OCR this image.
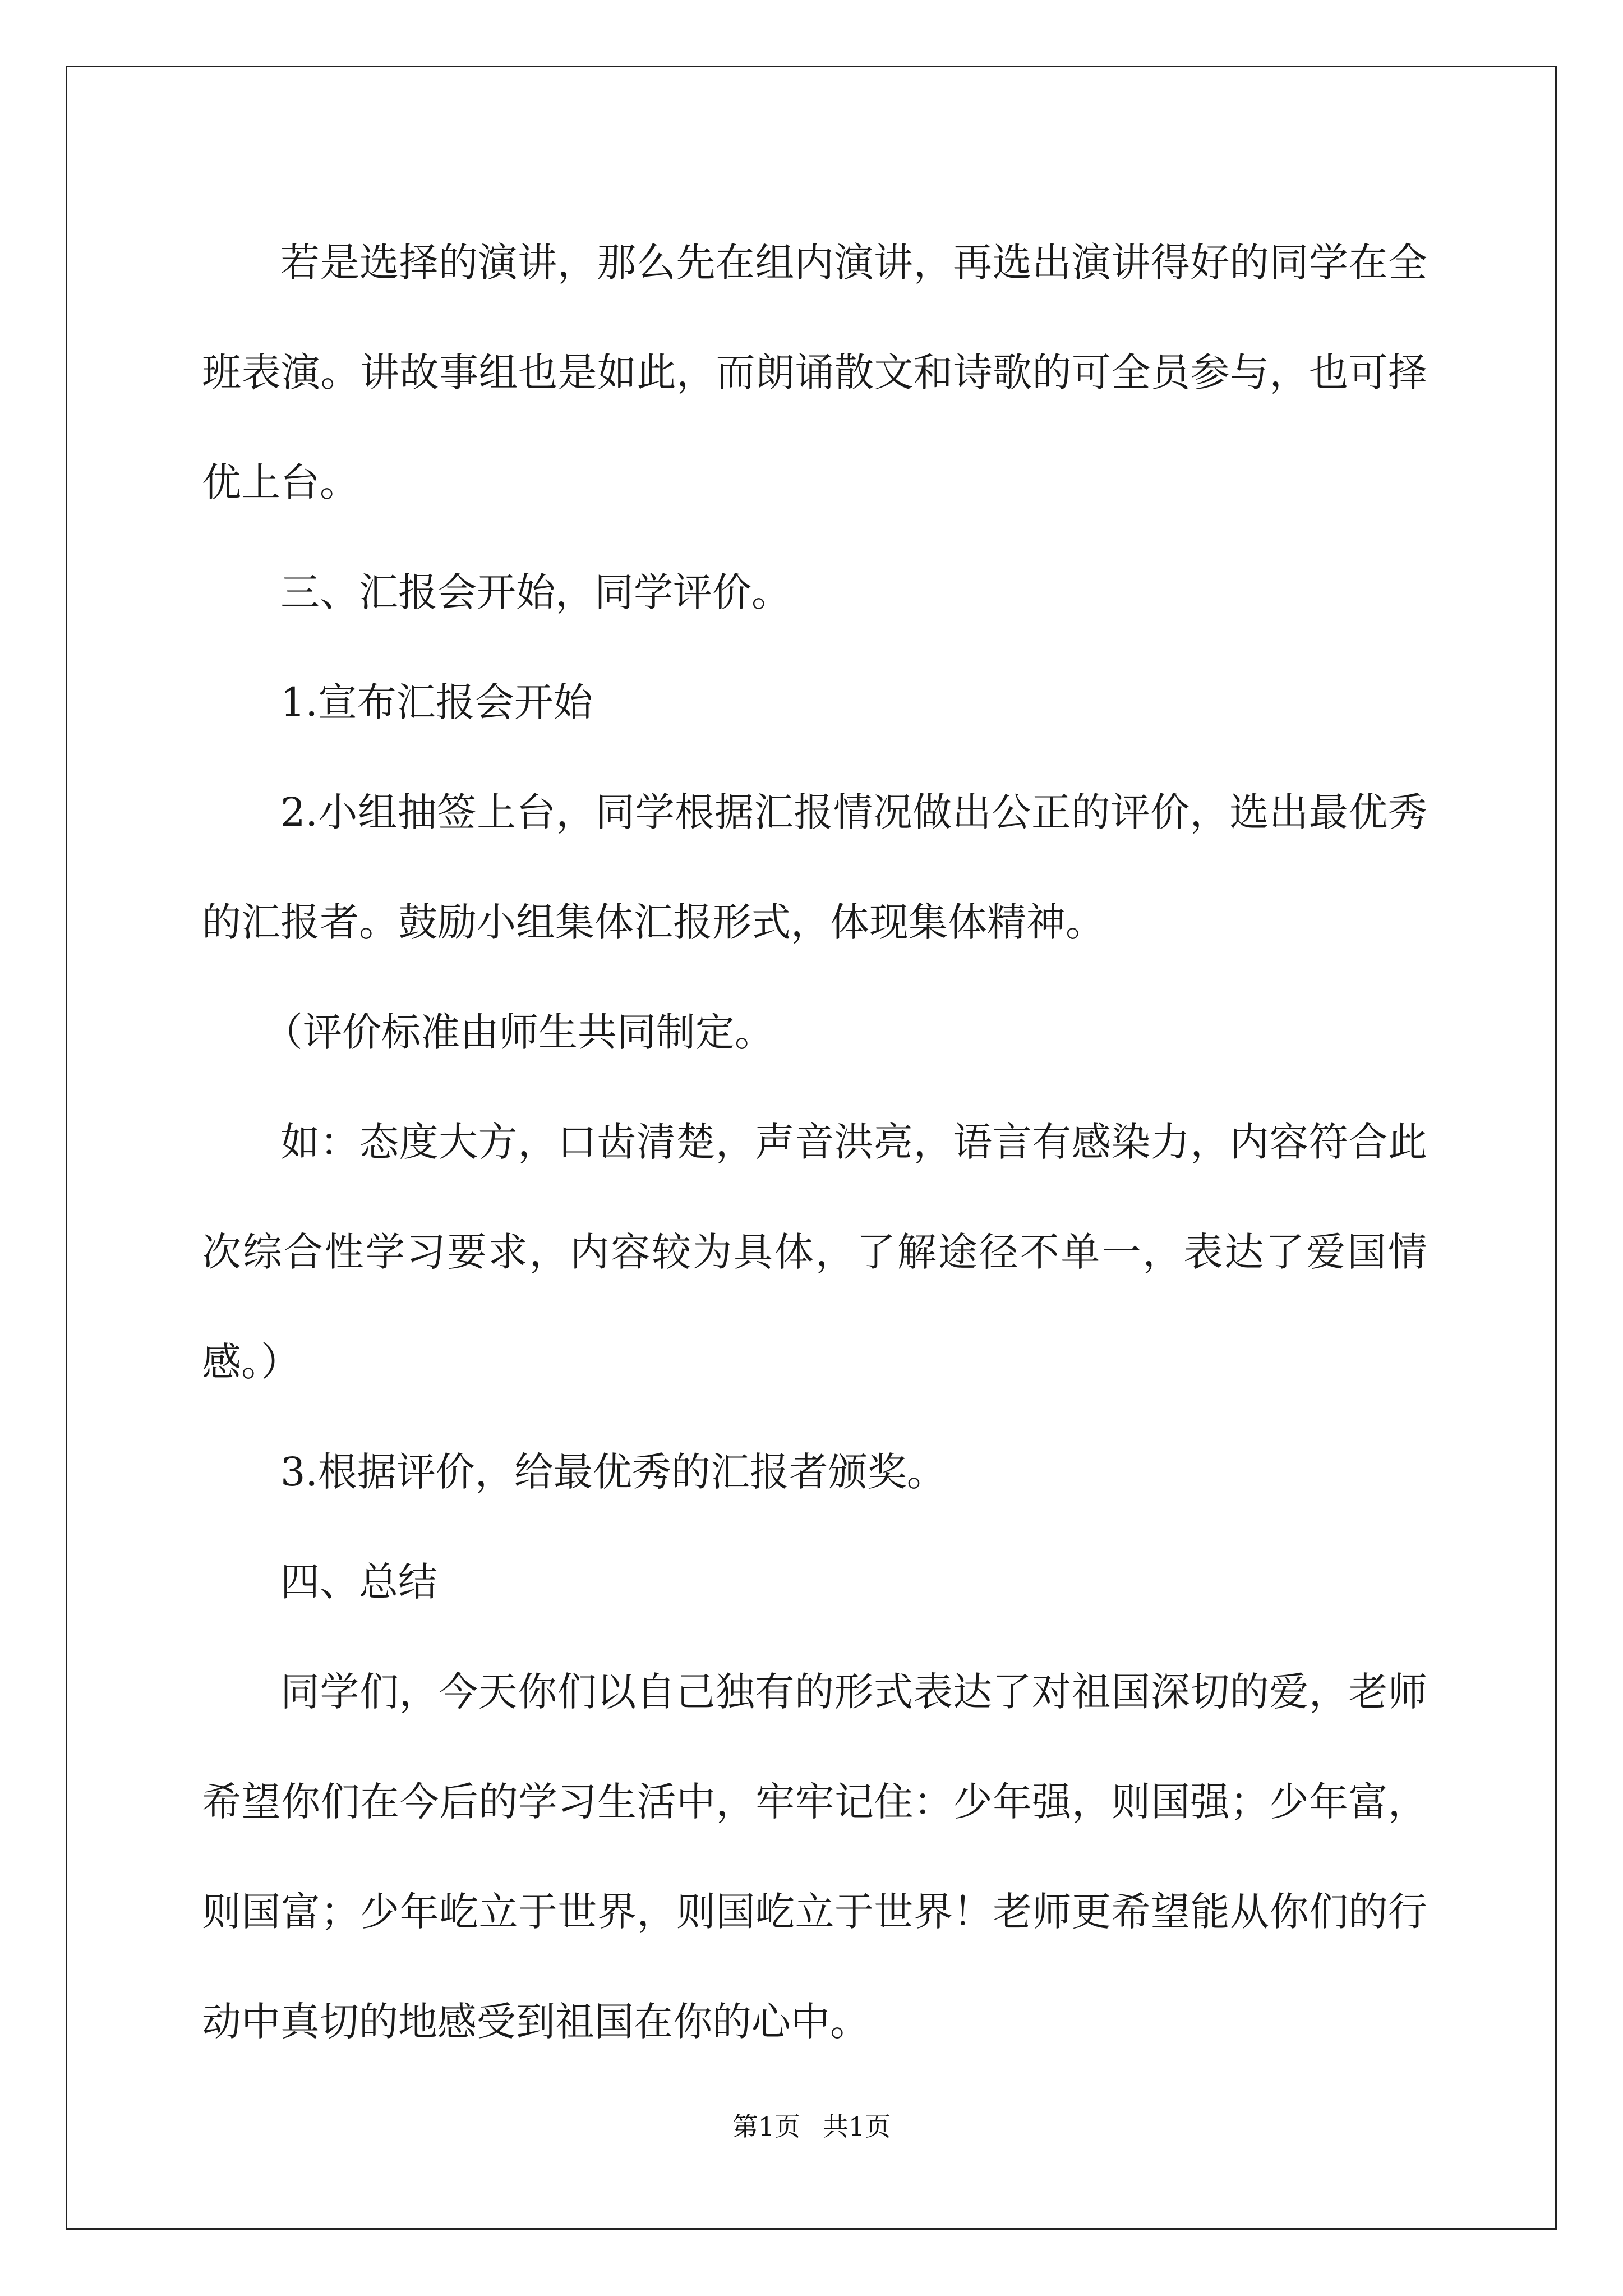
若是选择的演讲，那么先在组内演讲，再选出演讲得好的同学在全班表演。讲故事组也是如此，而朗诵散文和诗歌的可全员参与，也可择优上台。

三、汇报会开始，同学评价。

1.宣布汇报会开始

2.小组抽签上台，同学根据汇报情况做出公正的评价，选出最优秀的汇报者。鼓励小组集体汇报形式，体现集体精神。

（评价标准由师生共同制定。

如：态度大方，口齿清楚，声音洪亮，语言有感染力，内容符合此次综合性学习要求，内容较为具体，了解途径不单一，表达了爱国情感。）

3.根据评价，给最优秀的汇报者颁奖。

四、总结

同学们，今天你们以自己独有的形式表达了对祖国深切的爱，老师希望你们在今后的学习生活中，牢牢记住：少年强，则国强；少年富，则国富；少年屹立于世界，则国屹立于世界！老师更希望能从你们的行动中真切的地感受到祖国在你的心中。

第1页 共1页
